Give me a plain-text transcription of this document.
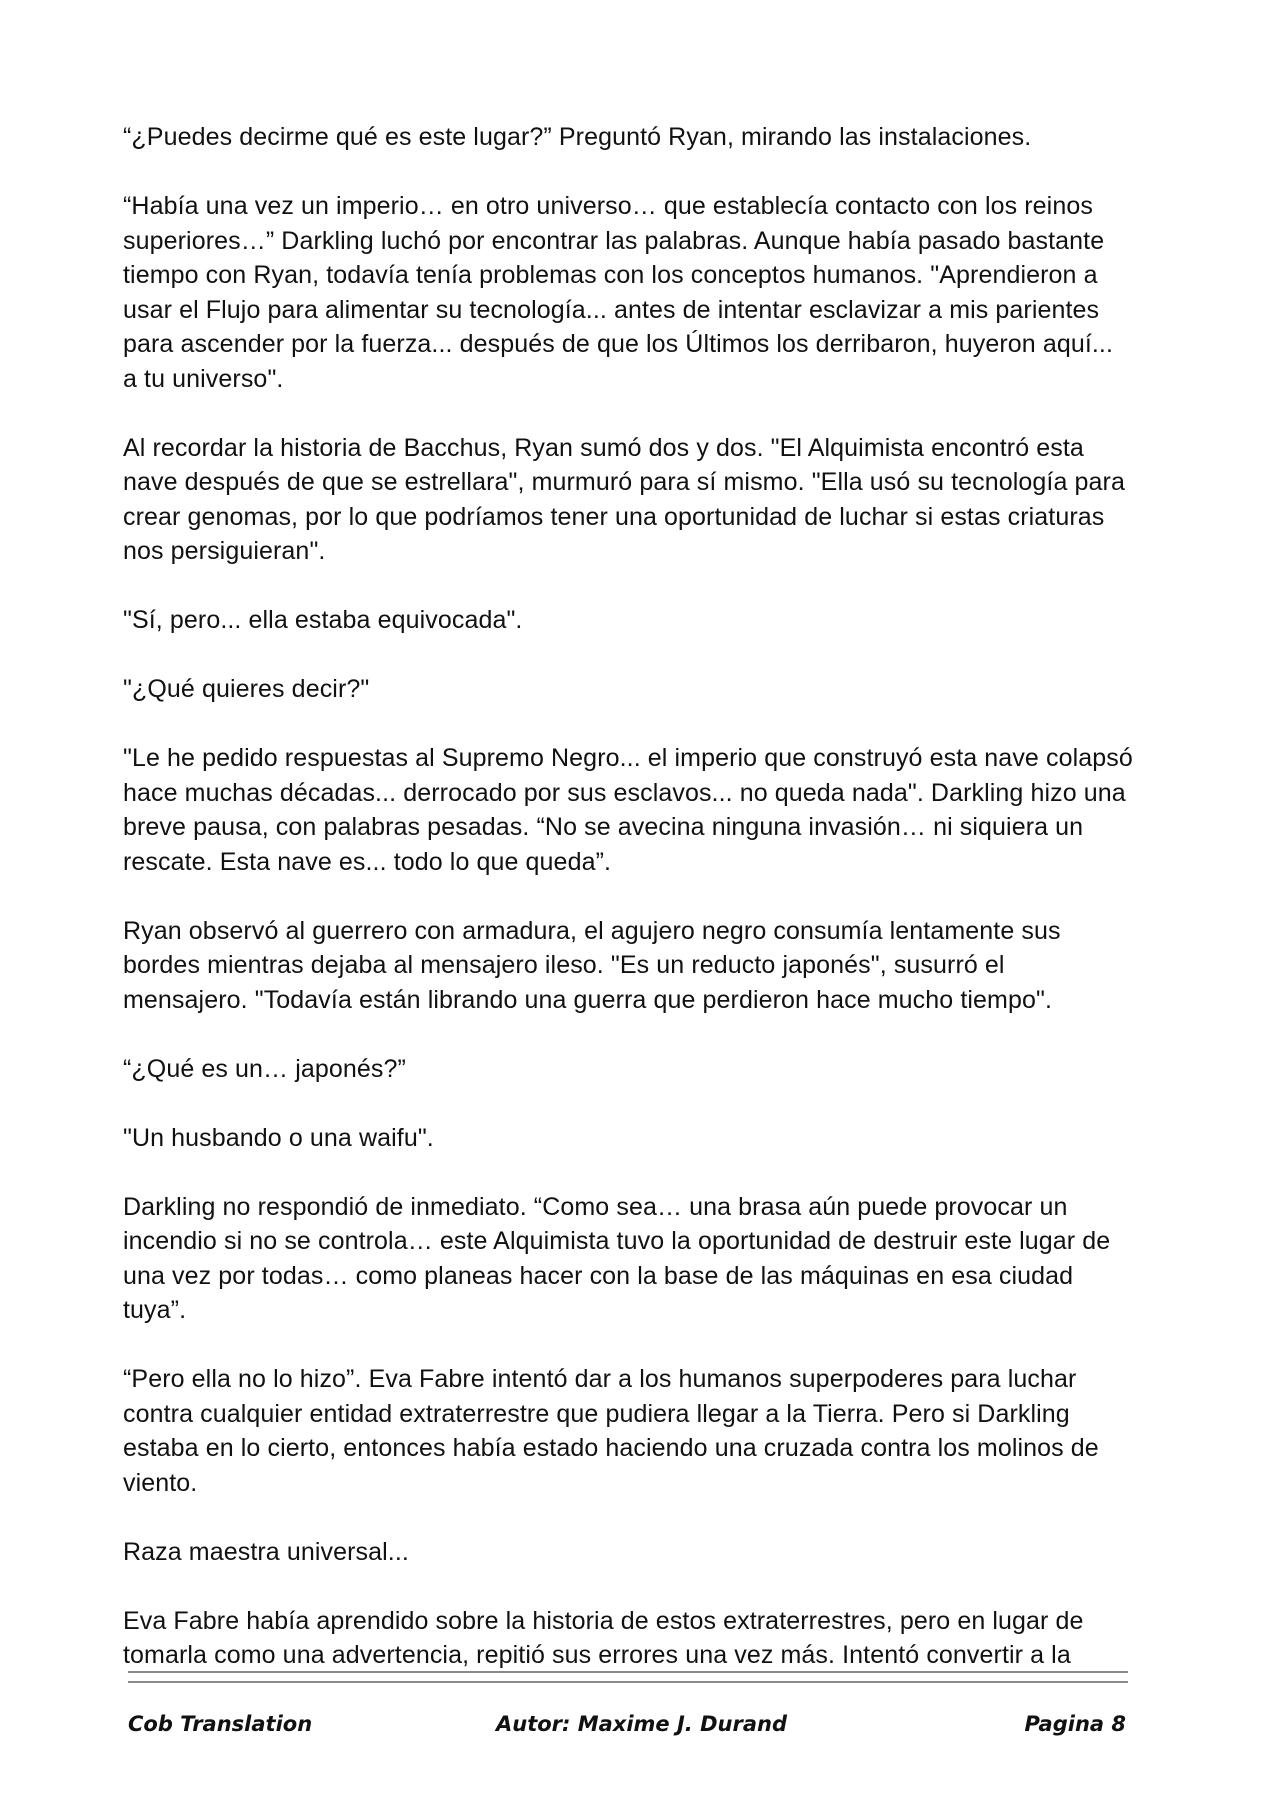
“¿Puedes decirme qué es este lugar?” Preguntó Ryan, mirando las instalaciones.

“Había una vez un imperio… en otro universo… que establecía contacto con los reinos superiores…” Darkling luchó por encontrar las palabras. Aunque había pasado bastante tiempo con Ryan, todavía tenía problemas con los conceptos humanos. "Aprendieron a usar el Flujo para alimentar su tecnología... antes de intentar esclavizar a mis parientes para ascender por la fuerza... después de que los Últimos los derribaron, huyeron aquí... a tu universo".

Al recordar la historia de Bacchus, Ryan sumó dos y dos. "El Alquimista encontró esta nave después de que se estrellara", murmuró para sí mismo. "Ella usó su tecnología para crear genomas, por lo que podríamos tener una oportunidad de luchar si estas criaturas nos persiguieran".

"Sí, pero... ella estaba equivocada".

"¿Qué quieres decir?"

"Le he pedido respuestas al Supremo Negro... el imperio que construyó esta nave colapsó hace muchas décadas... derrocado por sus esclavos... no queda nada". Darkling hizo una breve pausa, con palabras pesadas. “No se avecina ninguna invasión… ni siquiera un rescate. Esta nave es... todo lo que queda”.

Ryan observó al guerrero con armadura, el agujero negro consumía lentamente sus bordes mientras dejaba al mensajero ileso. "Es un reducto japonés", susurró el mensajero. "Todavía están librando una guerra que perdieron hace mucho tiempo".

“¿Qué es un… japonés?”

"Un husbando o una waifu".

Darkling no respondió de inmediato. “Como sea… una brasa aún puede provocar un incendio si no se controla… este Alquimista tuvo la oportunidad de destruir este lugar de una vez por todas… como planeas hacer con la base de las máquinas en esa ciudad tuya”.

“Pero ella no lo hizo”. Eva Fabre intentó dar a los humanos superpoderes para luchar contra cualquier entidad extraterrestre que pudiera llegar a la Tierra. Pero si Darkling estaba en lo cierto, entonces había estado haciendo una cruzada contra los molinos de viento.

Raza maestra universal...

Eva Fabre había aprendido sobre la historia de estos extraterrestres, pero en lugar de tomarla como una advertencia, repitió sus errores una vez más. Intentó convertir a la

Cob Translation	Autor: Maxime J. Durand	Pagina 8
